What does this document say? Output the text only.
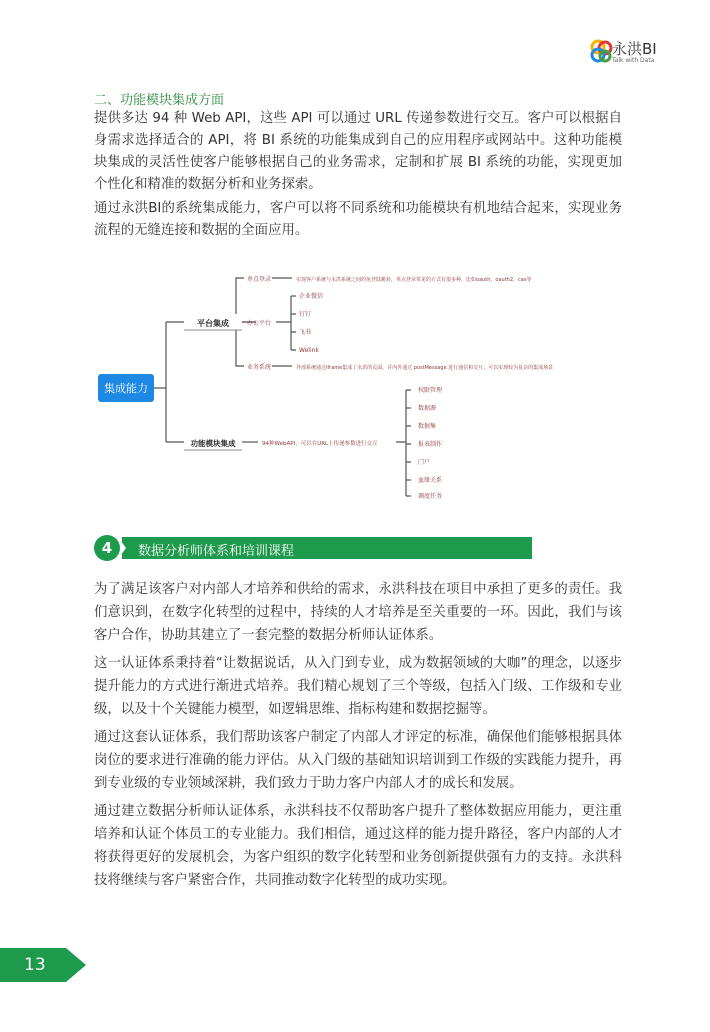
永洪BI
Talk with Data
二、功能模块集成方面
提供多达 94 种 Web API，这些 API 可以通过 URL 传递参数进行交互。客户可以根据自身需求选择适合的 API，将 BI 系统的功能集成到自己的应用程序或网站中。这种功能模块集成的灵活性使客户能够根据自己的业务需求，定制和扩展 BI 系统的功能，实现更加个性化和精准的数据分析和业务探索。
通过永洪BI的系统集成能力，客户可以将不同系统和功能模块有机地结合起来，实现业务流程的无缝连接和数据的全面应用。
集成能力
平台集成
单点登录	实现客户系统与永洪系统之间的免登陆跳转，单点登录常见的方式有很多种，比如oauth，oauth2，cas等
办公平台
企业微信
钉钉
飞书
Welink
业务系统	外部系统通过iframe集成了永洪的页面，并内外通过 postMessage 进行通信和交互；可以实现较为复杂的集成场景
功能模块集成	94种WebAPI，可以在URL上传递参数进行交互
权限管理
数据源
数据集
报表制作
门户
血缘关系
调度任务
4	数据分析师体系和培训课程
为了满足该客户对内部人才培养和供给的需求，永洪科技在项目中承担了更多的责任。我们意识到，在数字化转型的过程中，持续的人才培养是至关重要的一环。因此，我们与该客户合作，协助其建立了一套完整的数据分析师认证体系。
这一认证体系秉持着“让数据说话，从入门到专业，成为数据领域的大咖”的理念，以逐步提升能力的方式进行渐进式培养。我们精心规划了三个等级，包括入门级、工作级和专业级，以及十个关键能力模型，如逻辑思维、指标构建和数据挖掘等。
通过这套认证体系，我们帮助该客户制定了内部人才评定的标准，确保他们能够根据具体岗位的要求进行准确的能力评估。从入门级的基础知识培训到工作级的实践能力提升，再到专业级的专业领域深耕，我们致力于助力客户内部人才的成长和发展。
通过建立数据分析师认证体系，永洪科技不仅帮助客户提升了整体数据应用能力，更注重培养和认证个体员工的专业能力。我们相信，通过这样的能力提升路径，客户内部的人才将获得更好的发展机会，为客户组织的数字化转型和业务创新提供强有力的支持。永洪科技将继续与客户紧密合作，共同推动数字化转型的成功实现。
13
